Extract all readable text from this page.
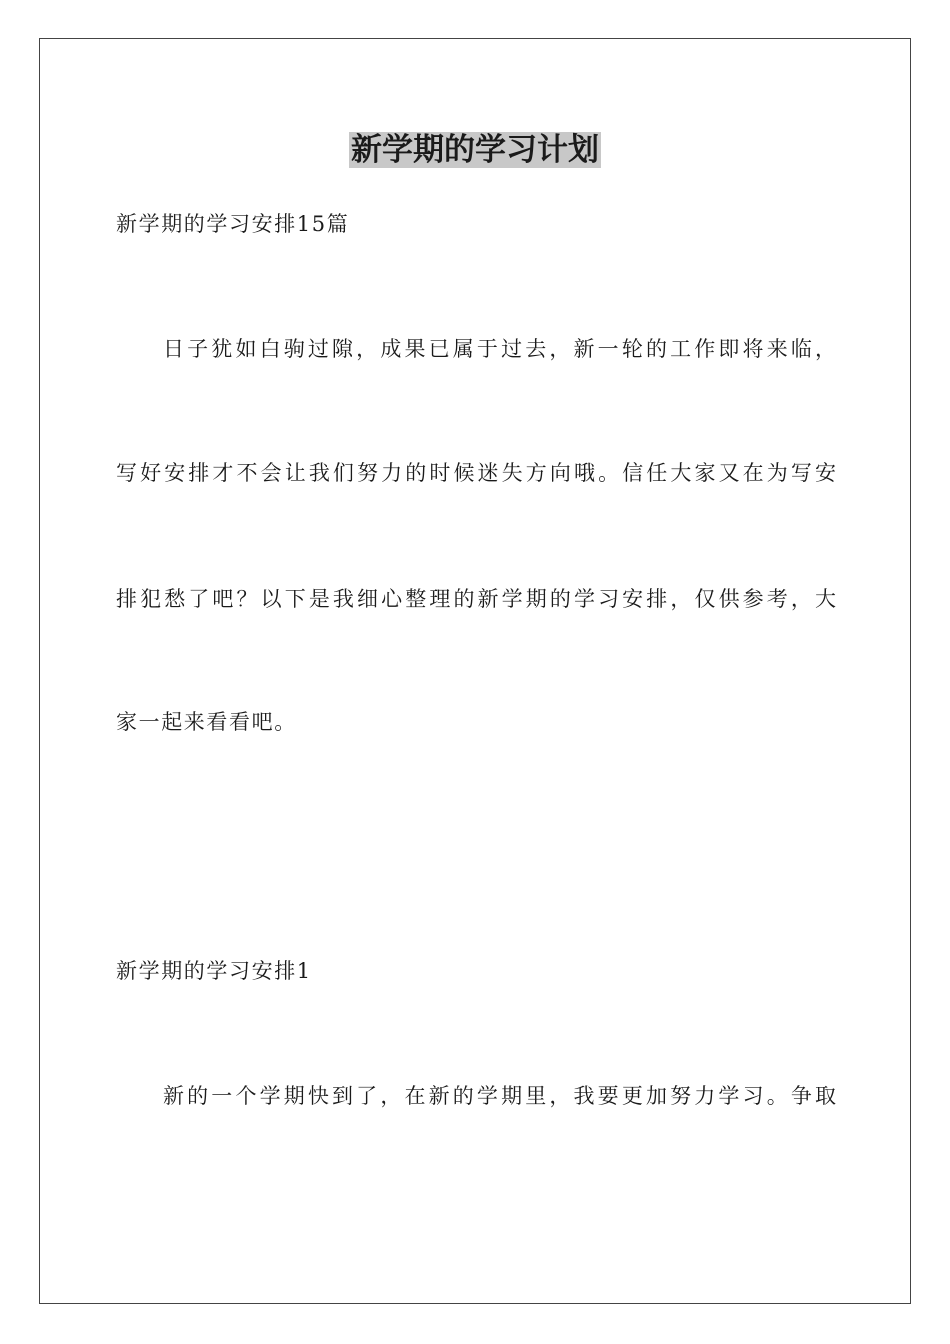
新学期的学习计划
新学期的学习安排15篇
日子犹如白驹过隙，成果已属于过去，新一轮的工作即将来临，
写好安排才不会让我们努力的时候迷失方向哦。信任大家又在为写安
排犯愁了吧？以下是我细心整理的新学期的学习安排，仅供参考，大
家一起来看看吧。
新学期的学习安排1
新的一个学期快到了，在新的学期里，我要更加努力学习。争取
